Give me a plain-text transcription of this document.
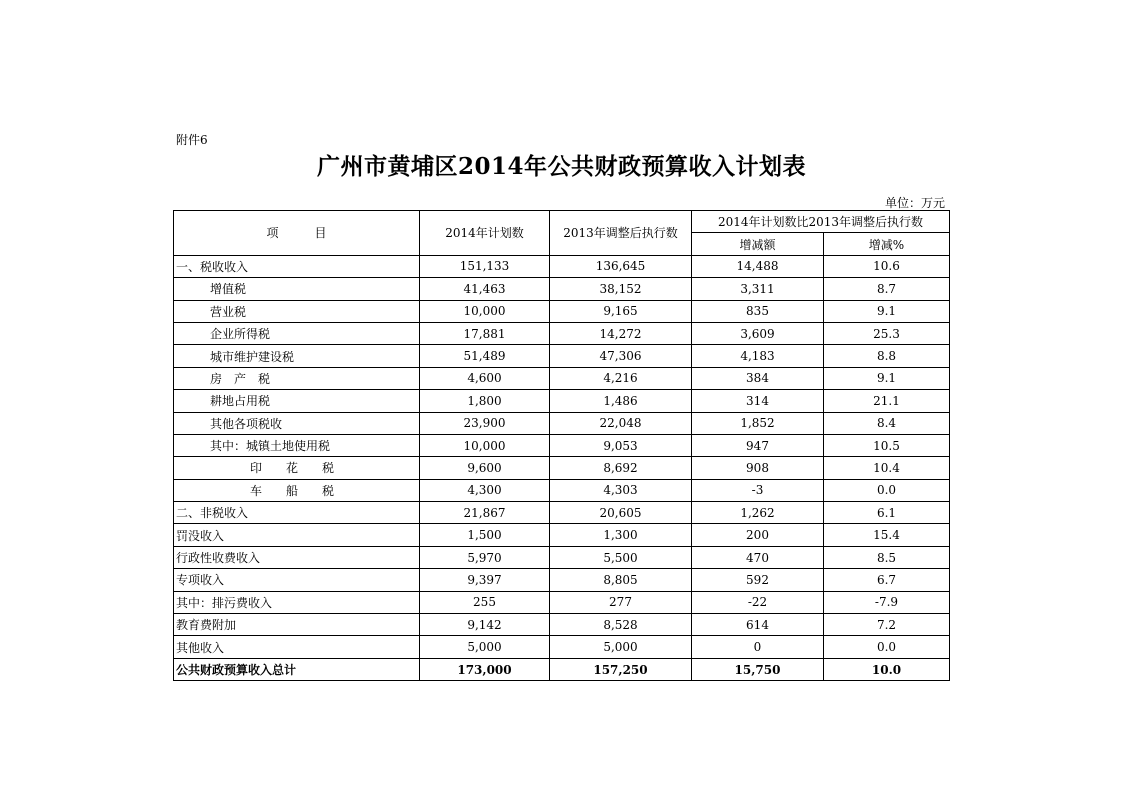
附件6
广州市黄埔区2014年公共财政预算收入计划表
单位：万元
项　　　目	2014年计划数	2013年调整后执行数	2014年计划数比2013年调整后执行数	
			增减额	增减%
一、税收收入	151,133	136,645	14,488	10.6
增值税	41,463	38,152	3,311	8.7
营业税	10,000	9,165	835	9.1
企业所得税	17,881	14,272	3,609	25.3
城市维护建设税	51,489	47,306	4,183	8.8
房　产　税	4,600	4,216	384	9.1
耕地占用税	1,800	1,486	314	21.1
其他各项税收	23,900	22,048	1,852	8.4
其中：城镇土地使用税	10,000	9,053	947	10.5
印　　花　　税	9,600	8,692	908	10.4
车　　船　　税	4,300	4,303	-3	0.0
二、非税收入	21,867	20,605	1,262	6.1
罚没收入	1,500	1,300	200	15.4
行政性收费收入	5,970	5,500	470	8.5
专项收入	9,397	8,805	592	6.7
其中：排污费收入	255	277	-22	-7.9
教育费附加	9,142	8,528	614	7.2
其他收入	5,000	5,000	0	0.0
公共财政预算收入总计	173,000	157,250	15,750	10.0
